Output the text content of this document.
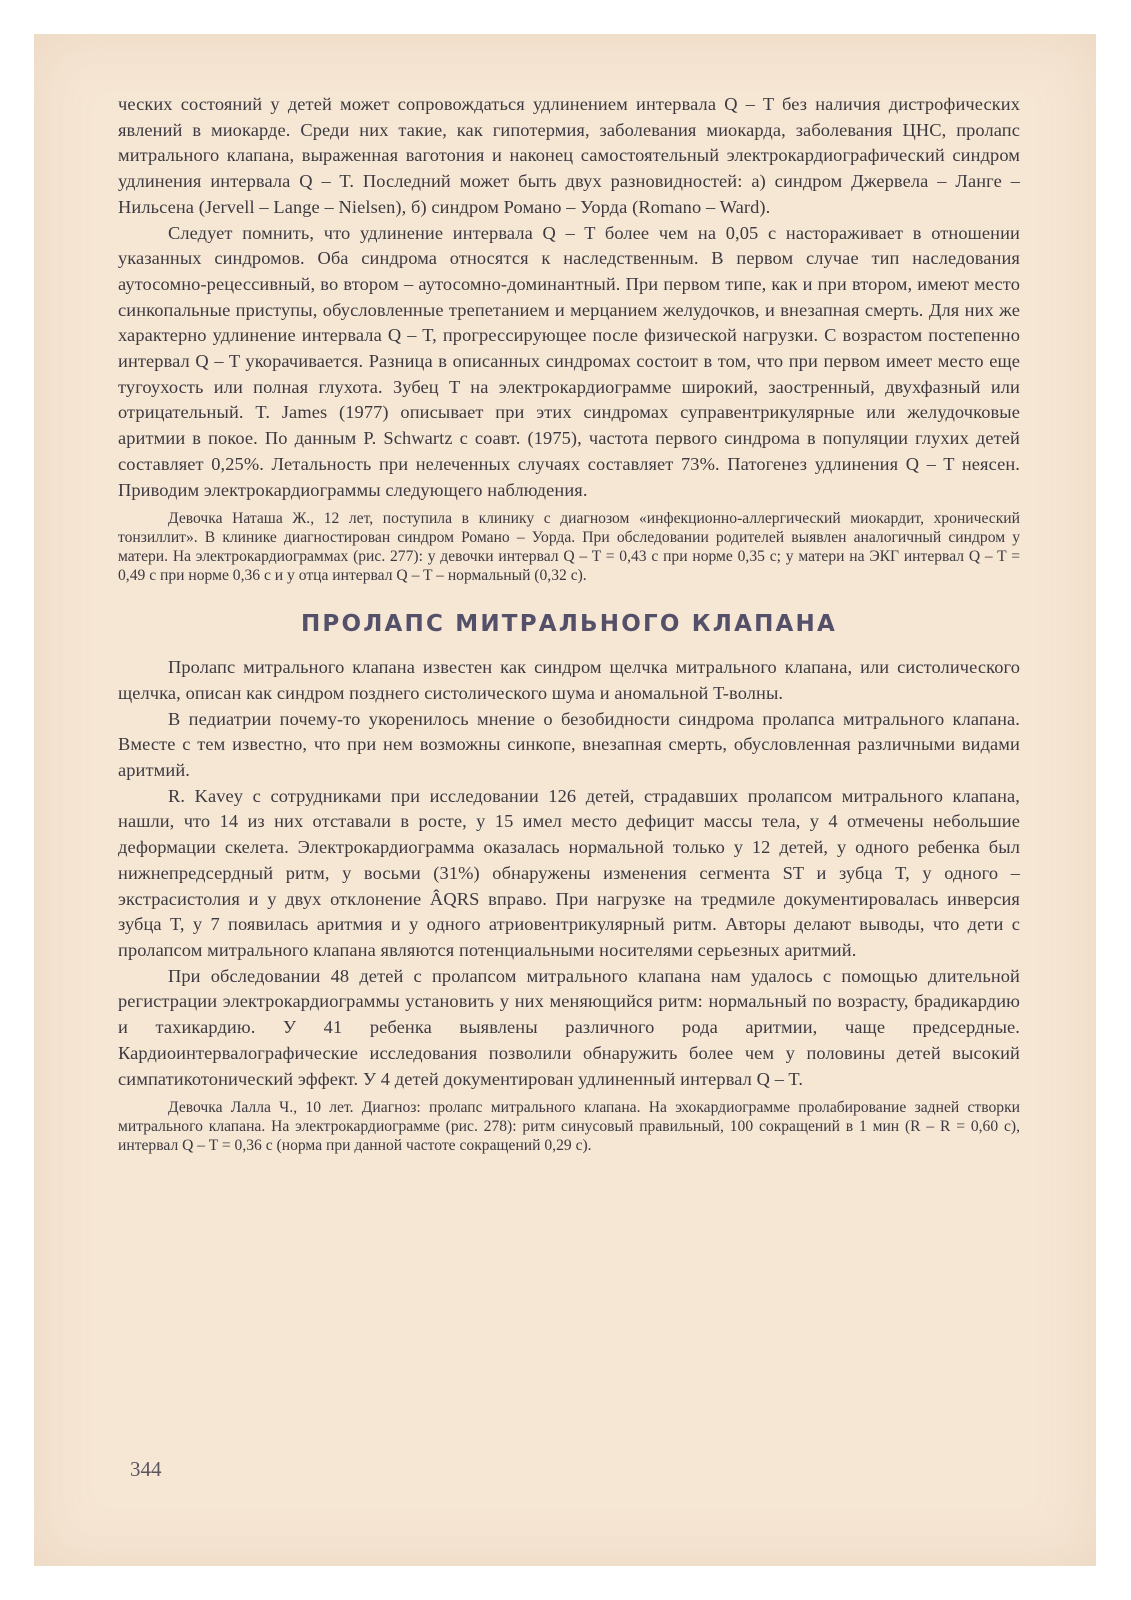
ческих состояний у детей может сопровождаться удлинением интервала Q – T без наличия дистрофических явлений в миокарде. Среди них такие, как гипотермия, заболевания миокарда, заболевания ЦНС, пролапс митрального клапана, выраженная ваготония и наконец самостоятельный электрокардиографический синдром удлинения интервала Q – T. Последний может быть двух разновидностей: а) синдром Джервела – Ланге – Нильсена (Jervell – Lange – Nielsen), б) синдром Романо – Уорда (Romano – Ward).

Следует помнить, что удлинение интервала Q – T более чем на 0,05 с настораживает в отношении указанных синдромов. Оба синдрома относятся к наследственным. В первом случае тип наследования аутосомно-рецессивный, во втором – аутосомно-доминантный. При первом типе, как и при втором, имеют место синкопальные приступы, обусловленные трепетанием и мерцанием желудочков, и внезапная смерть. Для них же характерно удлинение интервала Q – T, прогрессирующее после физической нагрузки. С возрастом постепенно интервал Q – T укорачивается. Разница в описанных синдромах состоит в том, что при первом имеет место еще тугоухость или полная глухота. Зубец T на электрокардиограмме широкий, заостренный, двухфазный или отрицательный. T. James (1977) описывает при этих синдромах суправентрикулярные или желудочковые аритмии в покое. По данным P. Schwartz с соавт. (1975), частота первого синдрома в популяции глухих детей составляет 0,25%. Летальность при нелеченных случаях составляет 73%. Патогенез удлинения Q – T неясен. Приводим электрокардиограммы следующего наблюдения.

Девочка Наташа Ж., 12 лет, поступила в клинику с диагнозом «инфекционно-аллергический миокардит, хронический тонзиллит». В клинике диагностирован синдром Романо – Уорда. При обследовании родителей выявлен аналогичный синдром у матери. На электрокардиограммах (рис. 277): у девочки интервал Q – T = 0,43 с при норме 0,35 с; у матери на ЭКГ интервал Q – T = 0,49 с при норме 0,36 с и у отца интервал Q – T – нормальный (0,32 с).

ПРОЛАПС МИТРАЛЬНОГО КЛАПАНА

Пролапс митрального клапана известен как синдром щелчка митрального клапана, или систолического щелчка, описан как синдром позднего систолического шума и аномальной T-волны.

В педиатрии почему-то укоренилось мнение о безобидности синдрома пролапса митрального клапана. Вместе с тем известно, что при нем возможны синкопе, внезапная смерть, обусловленная различными видами аритмий.

R. Kavey с сотрудниками при исследовании 126 детей, страдавших пролапсом митрального клапана, нашли, что 14 из них отставали в росте, у 15 имел место дефицит массы тела, у 4 отмечены небольшие деформации скелета. Электрокардиограмма оказалась нормальной только у 12 детей, у одного ребенка был нижнепредсердный ритм, у восьми (31%) обнаружены изменения сегмента ST и зубца T, у одного – экстрасистолия и у двух отклонение ÂQRS вправо. При нагрузке на тредмиле документировалась инверсия зубца T, у 7 появилась аритмия и у одного атриовентрикулярный ритм. Авторы делают выводы, что дети с пролапсом митрального клапана являются потенциальными носителями серьезных аритмий.

При обследовании 48 детей с пролапсом митрального клапана нам удалось с помощью длительной регистрации электрокардиограммы установить у них меняющийся ритм: нормальный по возрасту, брадикардию и тахикардию. У 41 ребенка выявлены различного рода аритмии, чаще предсердные. Кардиоинтервалографические исследования позволили обнаружить более чем у половины детей высокий симпатикотонический эффект. У 4 детей документирован удлиненный интервал Q – T.

Девочка Лалла Ч., 10 лет. Диагноз: пролапс митрального клапана. На эхокардиограмме пролабирование задней створки митрального клапана. На электрокардиограмме (рис. 278): ритм синусовый правильный, 100 сокращений в 1 мин (R – R = 0,60 с), интервал Q – T = 0,36 с (норма при данной частоте сокращений 0,29 с).

344
